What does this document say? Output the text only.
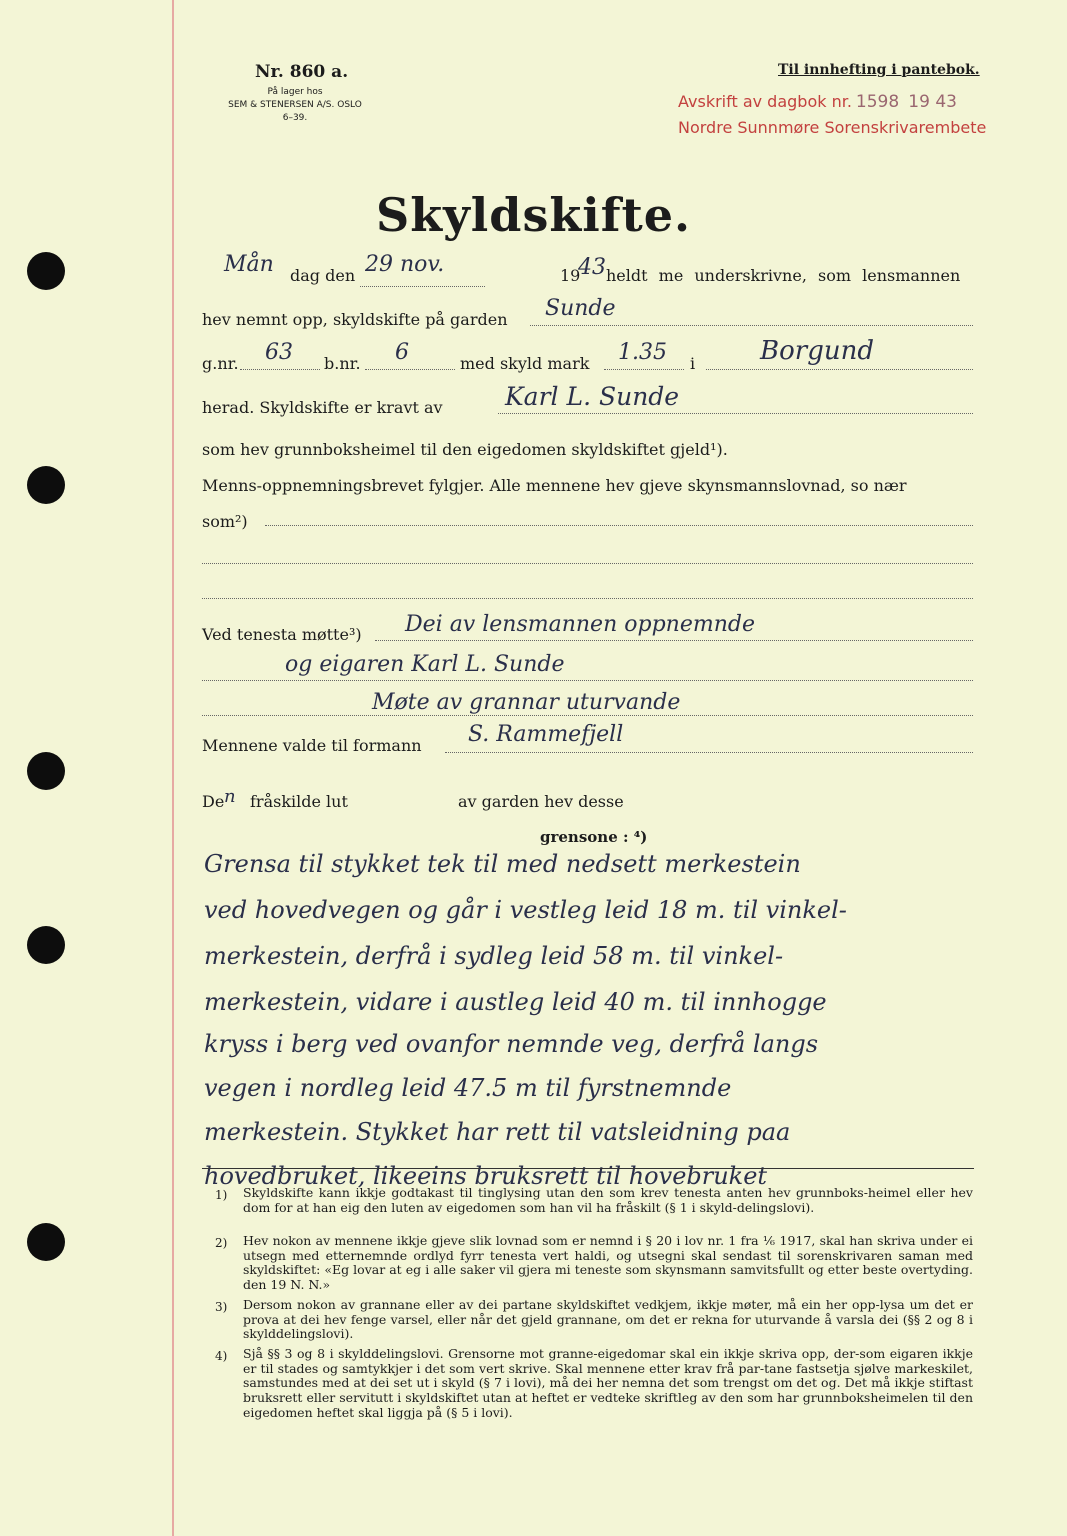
Nr. 860 a.
På lager hos
SEM & STENERSEN A/S. OSLO
6–39.
Til innhefting i pantebok.
Avskrift av dagbok nr. 1598 19 43
Nordre Sunnmøre Sorenskrivarembete
Skyldskifte.
Mån dag den 29 nov.	19
43 heldt me underskrivne, som lensmannen
hev nemnt opp, skyldskifte på garden Sunde
g.nr. 63 b.nr. 6	med skyld mark 1.35 i Borgund
herad. Skyldskifte er kravt av Karl L. Sunde
som hev grunnboksheimel til den eigedomen skyldskiftet gjeld¹).
Menns-oppnemningsbrevet fylgjer. Alle mennene hev gjeve skynsmannslovnad, so nær
som²)
Ved tenesta møtte³) Dei av lensmannen oppnemnde
og eigaren Karl L. Sunde
Møte av grannar uturvande
Mennene valde til formann S. Rammefjell
De n fråskilde lut	av garden hev desse
grensone : ⁴)
Grensa til stykket tek til med nedsett merkestein
ved hovedvegen og går i vestleg leid 18 m. til vinkel-
merkestein, derfrå i sydleg leid 58 m. til vinkel-
merkestein, vidare i austleg leid 40 m. til innhogge
kryss i berg ved ovanfor nemnde veg, derfrå langs
vegen i nordleg leid 47.5 m til fyrstnemnde
merkestein. Stykket har rett til vatsleidning paa
hovedbruket, likeeins bruksrett til hovebruket
1) Skyldskifte kann ikkje godtakast til tinglysing utan den som krev tenesta anten hev grunnboks-heimel eller hev dom for at han eig den luten av eigedomen som han vil ha fråskilt (§ 1 i skyld-delingslovi).
2) Hev nokon av mennene ikkje gjeve slik lovnad som er nemnd i § 20 i lov nr. 1 fra ⅙ 1917, skal han skriva under ei utsegn med etternemnde ordlyd fyrr tenesta vert haldi, og utsegni skal sendast til sorenskrivaren saman med skyldskiftet: «Eg lovar at eg i alle saker vil gjera mi teneste som skynsmann samvitsfullt og etter beste overtyding. den 19 N. N.»
3) Dersom nokon av grannane eller av dei partane skyldskiftet vedkjem, ikkje møter, må ein her opp-lysa um det er prova at dei hev fenge varsel, eller når det gjeld grannane, om det er rekna for uturvande å varsla dei (§§ 2 og 8 i skylddelingslovi).
4) Sjå §§ 3 og 8 i skylddelingslovi. Grensorne mot granne-eigedomar skal ein ikkje skriva opp, der-som eigaren ikkje er til stades og samtykkjer i det som vert skrive. Skal mennene etter krav frå par-tane fastsetja sjølve markeskilet, samstundes med at dei set ut i skyld (§ 7 i lovi), må dei her nemna det som trengst om det og. Det må ikkje stiftast bruksrett eller servitutt i skyldskiftet utan at heftet er vedteke skriftleg av den som har grunnboksheimelen til den eigedomen heftet skal liggja på (§ 5 i lovi).
